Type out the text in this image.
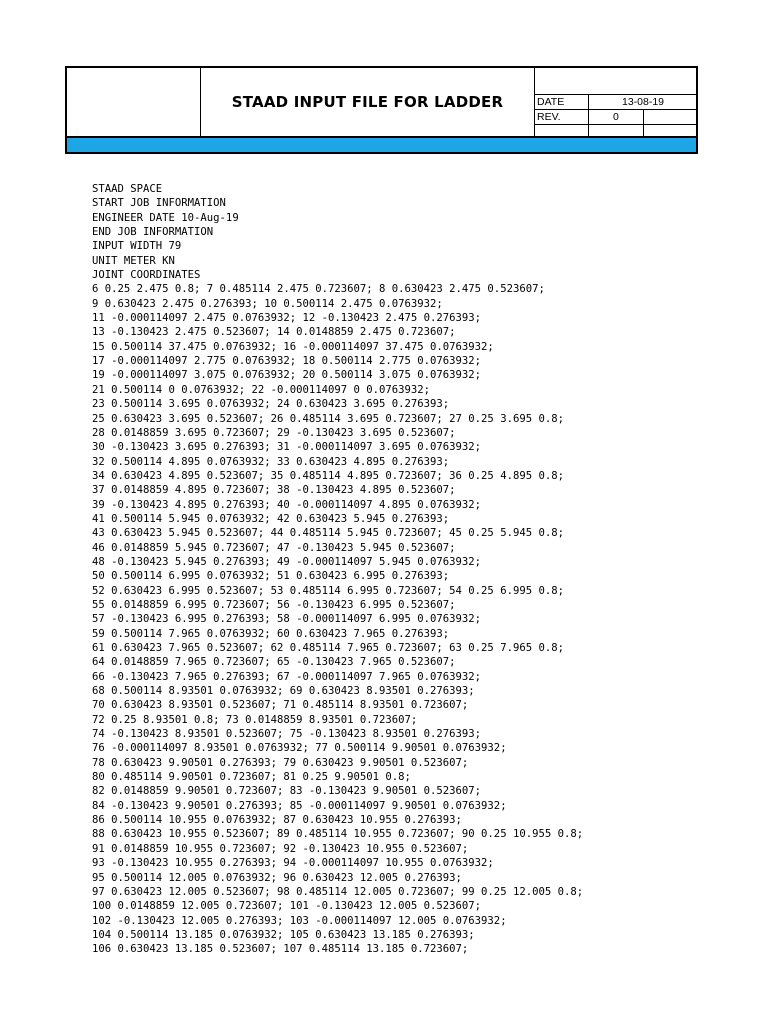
STAAD INPUT FILE FOR LADDER	DATE	13-08-19
REV.	0
STAAD SPACE
START JOB INFORMATION
ENGINEER DATE 10-Aug-19
END JOB INFORMATION
INPUT WIDTH 79
UNIT METER KN
JOINT COORDINATES
6 0.25 2.475 0.8; 7 0.485114 2.475 0.723607; 8 0.630423 2.475 0.523607;
9 0.630423 2.475 0.276393; 10 0.500114 2.475 0.0763932;
11 -0.000114097 2.475 0.0763932; 12 -0.130423 2.475 0.276393;
13 -0.130423 2.475 0.523607; 14 0.0148859 2.475 0.723607;
15 0.500114 37.475 0.0763932; 16 -0.000114097 37.475 0.0763932;
17 -0.000114097 2.775 0.0763932; 18 0.500114 2.775 0.0763932;
19 -0.000114097 3.075 0.0763932; 20 0.500114 3.075 0.0763932;
21 0.500114 0 0.0763932; 22 -0.000114097 0 0.0763932;
23 0.500114 3.695 0.0763932; 24 0.630423 3.695 0.276393;
25 0.630423 3.695 0.523607; 26 0.485114 3.695 0.723607; 27 0.25 3.695 0.8;
28 0.0148859 3.695 0.723607; 29 -0.130423 3.695 0.523607;
30 -0.130423 3.695 0.276393; 31 -0.000114097 3.695 0.0763932;
32 0.500114 4.895 0.0763932; 33 0.630423 4.895 0.276393;
34 0.630423 4.895 0.523607; 35 0.485114 4.895 0.723607; 36 0.25 4.895 0.8;
37 0.0148859 4.895 0.723607; 38 -0.130423 4.895 0.523607;
39 -0.130423 4.895 0.276393; 40 -0.000114097 4.895 0.0763932;
41 0.500114 5.945 0.0763932; 42 0.630423 5.945 0.276393;
43 0.630423 5.945 0.523607; 44 0.485114 5.945 0.723607; 45 0.25 5.945 0.8;
46 0.0148859 5.945 0.723607; 47 -0.130423 5.945 0.523607;
48 -0.130423 5.945 0.276393; 49 -0.000114097 5.945 0.0763932;
50 0.500114 6.995 0.0763932; 51 0.630423 6.995 0.276393;
52 0.630423 6.995 0.523607; 53 0.485114 6.995 0.723607; 54 0.25 6.995 0.8;
55 0.0148859 6.995 0.723607; 56 -0.130423 6.995 0.523607;
57 -0.130423 6.995 0.276393; 58 -0.000114097 6.995 0.0763932;
59 0.500114 7.965 0.0763932; 60 0.630423 7.965 0.276393;
61 0.630423 7.965 0.523607; 62 0.485114 7.965 0.723607; 63 0.25 7.965 0.8;
64 0.0148859 7.965 0.723607; 65 -0.130423 7.965 0.523607;
66 -0.130423 7.965 0.276393; 67 -0.000114097 7.965 0.0763932;
68 0.500114 8.93501 0.0763932; 69 0.630423 8.93501 0.276393;
70 0.630423 8.93501 0.523607; 71 0.485114 8.93501 0.723607;
72 0.25 8.93501 0.8; 73 0.0148859 8.93501 0.723607;
74 -0.130423 8.93501 0.523607; 75 -0.130423 8.93501 0.276393;
76 -0.000114097 8.93501 0.0763932; 77 0.500114 9.90501 0.0763932;
78 0.630423 9.90501 0.276393; 79 0.630423 9.90501 0.523607;
80 0.485114 9.90501 0.723607; 81 0.25 9.90501 0.8;
82 0.0148859 9.90501 0.723607; 83 -0.130423 9.90501 0.523607;
84 -0.130423 9.90501 0.276393; 85 -0.000114097 9.90501 0.0763932;
86 0.500114 10.955 0.0763932; 87 0.630423 10.955 0.276393;
88 0.630423 10.955 0.523607; 89 0.485114 10.955 0.723607; 90 0.25 10.955 0.8;
91 0.0148859 10.955 0.723607; 92 -0.130423 10.955 0.523607;
93 -0.130423 10.955 0.276393; 94 -0.000114097 10.955 0.0763932;
95 0.500114 12.005 0.0763932; 96 0.630423 12.005 0.276393;
97 0.630423 12.005 0.523607; 98 0.485114 12.005 0.723607; 99 0.25 12.005 0.8;
100 0.0148859 12.005 0.723607; 101 -0.130423 12.005 0.523607;
102 -0.130423 12.005 0.276393; 103 -0.000114097 12.005 0.0763932;
104 0.500114 13.185 0.0763932; 105 0.630423 13.185 0.276393;
106 0.630423 13.185 0.523607; 107 0.485114 13.185 0.723607;
